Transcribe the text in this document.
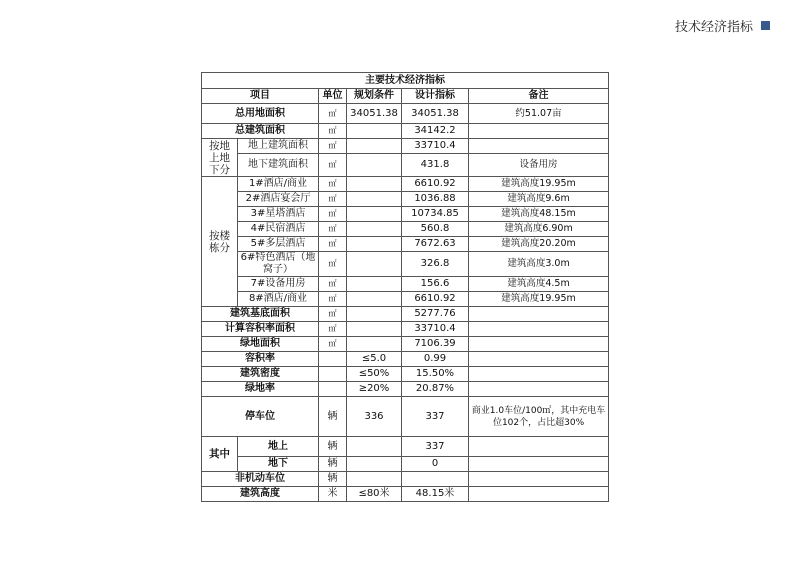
技术经济指标
主要技术经济指标					
项目		单位	规划条件	设计指标	备注
总用地面积		㎡	34051.38	34051.38	约51.07亩
总建筑面积		㎡		34142.2	
按地上地下分	地上建筑面积	㎡		33710.4	
	地下建筑面积	㎡		431.8	设备用房
按楼栋分	1#酒店/商业	㎡		6610.92	建筑高度19.95m
	2#酒店宴会厅	㎡		1036.88	建筑高度9.6m
	3#星塔酒店	㎡		10734.85	建筑高度48.15m
	4#民宿酒店	㎡		560.8	建筑高度6.90m
	5#多层酒店	㎡		7672.63	建筑高度20.20m
	6#特色酒店（地窝子）	㎡		326.8	建筑高度3.0m
	7#设备用房	㎡		156.6	建筑高度4.5m
	8#酒店/商业	㎡		6610.92	建筑高度19.95m
建筑基底面积		㎡		5277.76	
计算容积率面积		㎡		33710.4	
绿地面积		㎡		7106.39	
容积率			≤5.0	0.99	
建筑密度			≤50%	15.50%	
绿地率			≥20%	20.87%	
停车位		辆	336	337	商业1.0车位/100㎡，其中充电车位102个，占比超30%
其中	地上	辆		337	
	地下	辆		0	
非机动车位		辆			
建筑高度		米	≤80米	48.15米	
